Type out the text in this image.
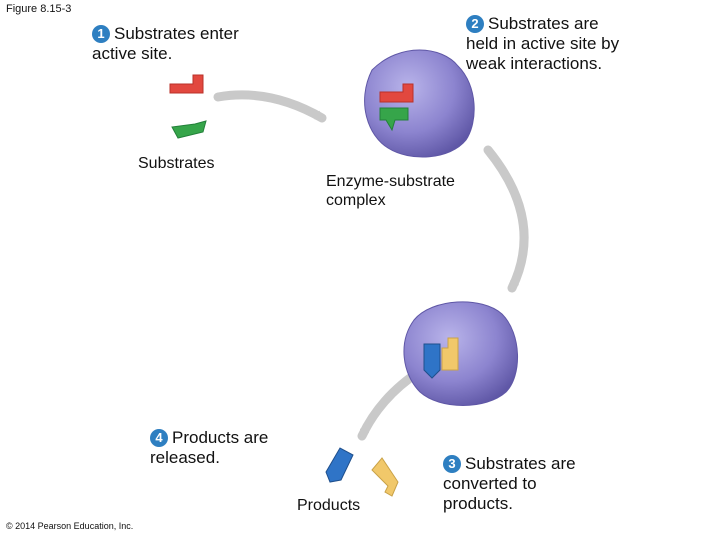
Figure 8.15-3
1 Substrates enter
active site.
2 Substrates are
held in active site by
weak interactions.
3 Substrates are
converted to
products.
4 Products are
released.
Substrates
Enzyme-substrate
complex
Products
© 2014 Pearson Education, Inc.
